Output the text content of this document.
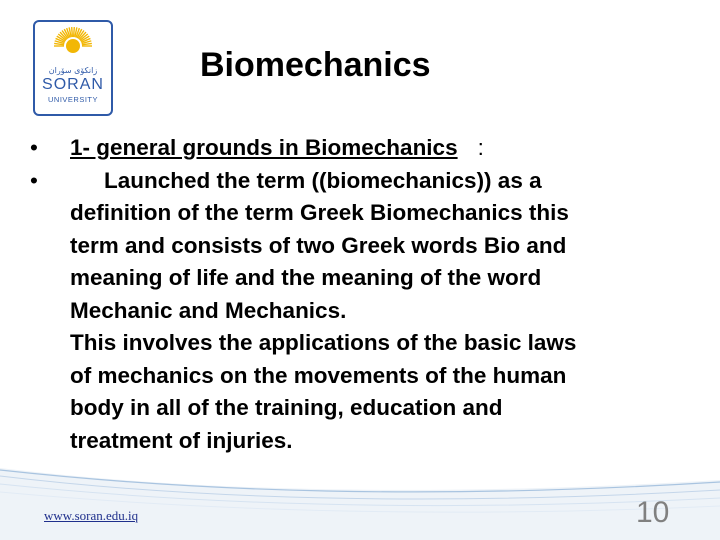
زانكۆی سۆران
SORAN
UNIVERSITY
Biomechanics
• 1- general grounds in Biomechanics :
•	Launched the term ((biomechanics)) as a
definition of the term Greek Biomechanics this
term and consists of two Greek words Bio and
meaning of life and the meaning of the word
Mechanic and Mechanics.
This involves the applications of the basic laws
of mechanics on the movements of the human
body in all of the training, education and
treatment of injuries.
www.soran.edu.iq	10
